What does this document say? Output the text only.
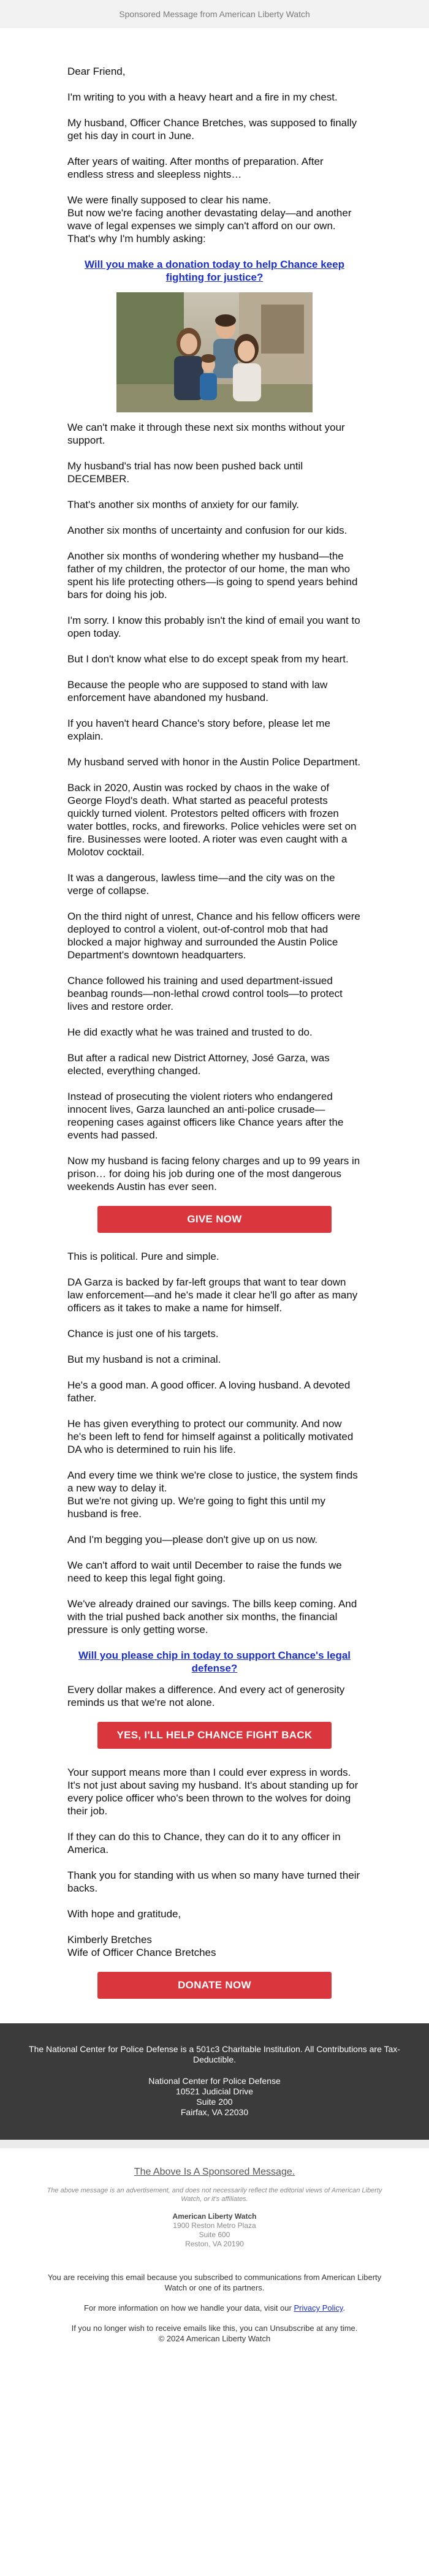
Sponsored Message from American Liberty Watch

Dear Friend,

I'm writing to you with a heavy heart and a fire in my chest.

My husband, Officer Chance Bretches, was supposed to finally get his day in court in June.

After years of waiting. After months of preparation. After endless stress and sleepless nights…

We were finally supposed to clear his name.

But now we're facing another devastating delay—and another wave of legal expenses we simply can't afford on our own.

That's why I'm humbly asking:

Will you make a donation today to help Chance keep fighting for justice?

We can't make it through these next six months without your support.

My husband's trial has now been pushed back until DECEMBER.

That's another six months of anxiety for our family.

Another six months of uncertainty and confusion for our kids.

Another six months of wondering whether my husband—the father of my children, the protector of our home, the man who spent his life protecting others—is going to spend years behind bars for doing his job.

I'm sorry. I know this probably isn't the kind of email you want to open today.

But I don't know what else to do except speak from my heart.

Because the people who are supposed to stand with law enforcement have abandoned my husband.

If you haven't heard Chance's story before, please let me explain.

My husband served with honor in the Austin Police Department.

Back in 2020, Austin was rocked by chaos in the wake of George Floyd's death. What started as peaceful protests quickly turned violent. Protestors pelted officers with frozen water bottles, rocks, and fireworks. Police vehicles were set on fire. Businesses were looted. A rioter was even caught with a Molotov cocktail.

It was a dangerous, lawless time—and the city was on the verge of collapse.

On the third night of unrest, Chance and his fellow officers were deployed to control a violent, out-of-control mob that had blocked a major highway and surrounded the Austin Police Department's downtown headquarters.

Chance followed his training and used department-issued beanbag rounds—non-lethal crowd control tools—to protect lives and restore order.

He did exactly what he was trained and trusted to do.

But after a radical new District Attorney, José Garza, was elected, everything changed.

Instead of prosecuting the violent rioters who endangered innocent lives, Garza launched an anti-police crusade—reopening cases against officers like Chance years after the events had passed.

Now my husband is facing felony charges and up to 99 years in prison… for doing his job during one of the most dangerous weekends Austin has ever seen.

GIVE NOW

This is political. Pure and simple.

DA Garza is backed by far-left groups that want to tear down law enforcement—and he's made it clear he'll go after as many officers as it takes to make a name for himself.

Chance is just one of his targets.

But my husband is not a criminal.

He's a good man. A good officer. A loving husband. A devoted father.

He has given everything to protect our community. And now he's been left to fend for himself against a politically motivated DA who is determined to ruin his life.

And every time we think we're close to justice, the system finds a new way to delay it.

But we're not giving up. We're going to fight this until my husband is free.

And I'm begging you—please don't give up on us now.

We can't afford to wait until December to raise the funds we need to keep this legal fight going.

We've already drained our savings. The bills keep coming. And with the trial pushed back another six months, the financial pressure is only getting worse.

Will you please chip in today to support Chance's legal defense?

Every dollar makes a difference. And every act of generosity reminds us that we're not alone.

YES, I'LL HELP CHANCE FIGHT BACK

Your support means more than I could ever express in words.

It's not just about saving my husband. It's about standing up for every police officer who's been thrown to the wolves for doing their job.

If they can do this to Chance, they can do it to any officer in America.

Thank you for standing with us when so many have turned their backs.

With hope and gratitude,

Kimberly Bretches

Wife of Officer Chance Bretches

DONATE NOW

The National Center for Police Defense is a 501c3 Charitable Institution. All Contributions are Tax-Deductible.

National Center for Police Defense

10521 Judicial Drive

Suite 200

Fairfax, VA 22030

The Above Is A Sponsored Message.
The above message is an advertisement, and does not necessarily reflect the editorial views of American Liberty Watch, or it's affiliates.
American Liberty Watch
1900 Reston Metro Plaza
Suite 600
Reston, VA 20190

You are receiving this email because you subscribed to communications from American Liberty Watch or one of its partners.

For more information on how we handle your data, visit our Privacy Policy.

If you no longer wish to receive emails like this, you can Unsubscribe at any time.
© 2024 American Liberty Watch
